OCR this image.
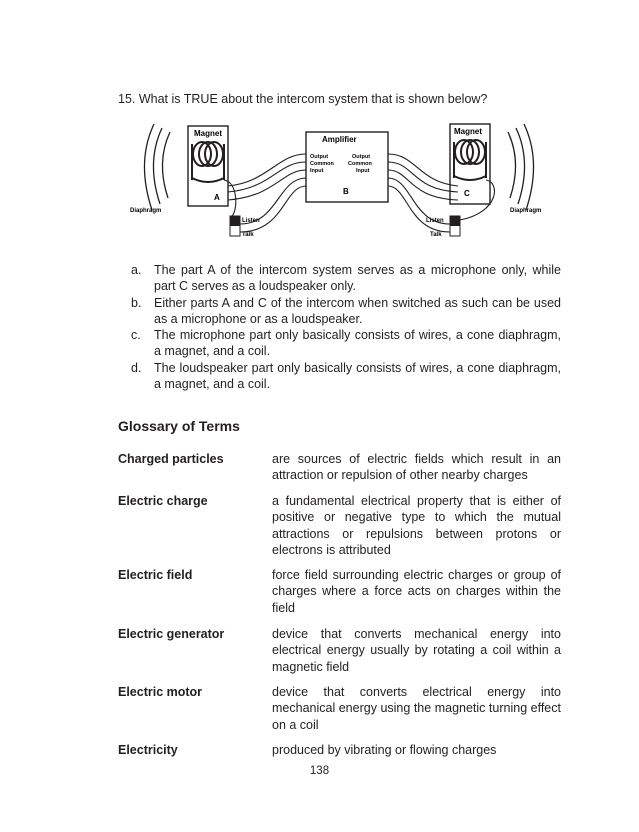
15. What is TRUE about the intercom system that is shown below?
Magnet
A
Diaphragm
Listen
Talk
Amplifier
Output
Common
Input
Output
Common
Input
B
Listen
Talk
Magnet
C
Diaphragm
a. The part A of the intercom system serves as a microphone only, while part C serves as a loudspeaker only.
b. Either parts A and C of the intercom when switched as such can be used as a microphone or as a loudspeaker.
c. The microphone part only basically consists of wires, a cone diaphragm, a magnet, and a coil.
d. The loudspeaker part only basically consists of wires, a cone diaphragm, a magnet, and a coil.
Glossary of Terms
Charged particles	are sources of electric fields which result in an attraction or repulsion of other nearby charges
Electric charge	a fundamental electrical property that is either of positive or negative type to which the mutual attractions or repulsions between protons or electrons is attributed
Electric field	force field surrounding electric charges or group of charges where a force acts on charges within the field
Electric generator	device that converts mechanical energy into electrical energy usually by rotating a coil within a magnetic field
Electric motor	device that converts electrical energy into mechanical energy using the magnetic turning effect on a coil
Electricity	produced by vibrating or flowing charges
138
